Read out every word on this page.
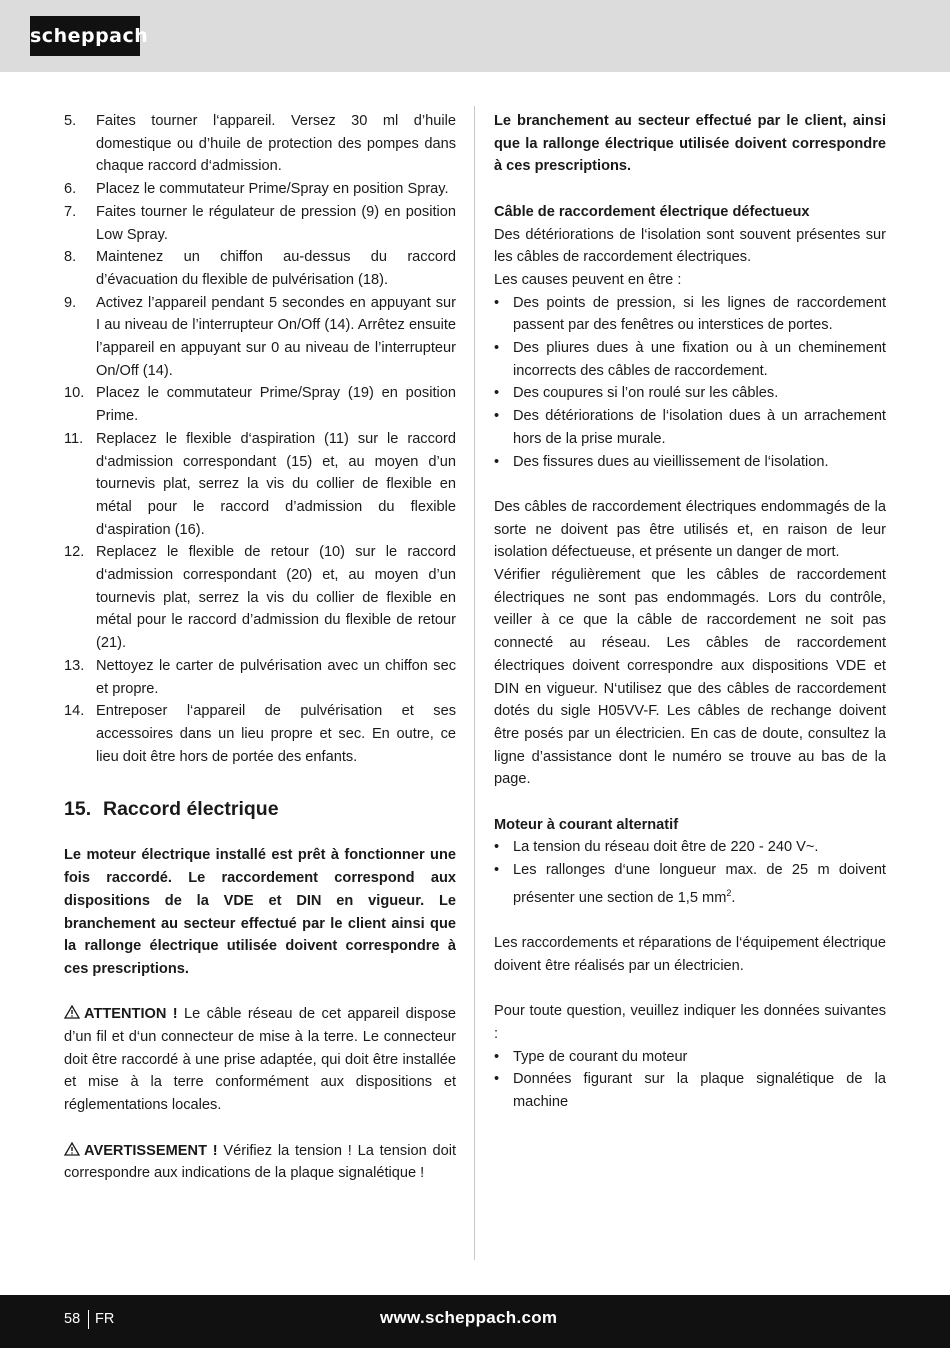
scheppach
5. Faites tourner l‘appareil. Versez 30 ml d’huile domestique ou d’huile de protection des pompes dans chaque raccord d‘admission.
6. Placez le commutateur Prime/Spray en position Spray.
7. Faites tourner le régulateur de pression (9) en position Low Spray.
8. Maintenez un chiffon au-dessus du raccord d’évacuation du flexible de pulvérisation (18).
9. Activez l’appareil pendant 5 secondes en appuyant sur I au niveau de l’interrupteur On/Off (14). Arrêtez ensuite l’appareil en appuyant sur 0 au niveau de l’interrupteur On/Off (14).
10. Placez le commutateur Prime/Spray (19) en position Prime.
11. Replacez le flexible d‘aspiration (11) sur le raccord d‘admission correspondant (15) et, au moyen d’un tournevis plat, serrez la vis du collier de flexible en métal pour le raccord d’admission du flexible d‘aspiration (16).
12. Replacez le flexible de retour (10) sur le raccord d‘admission correspondant (20) et, au moyen d’un tournevis plat, serrez la vis du collier de flexible en métal pour le raccord d’admission du flexible de retour (21).
13. Nettoyez le carter de pulvérisation avec un chiffon sec et propre.
14. Entreposer l‘appareil de pulvérisation et ses accessoires dans un lieu propre et sec. En outre, ce lieu doit être hors de portée des enfants.
15. Raccord électrique

Le moteur électrique installé est prêt à fonctionner une fois raccordé. Le raccordement correspond aux dispositions de la VDE et DIN en vigueur. Le branchement au secteur effectué par le client ainsi que la rallonge électrique utilisée doivent correspondre à ces prescriptions.

ATTENTION ! Le câble réseau de cet appareil dispose d’un fil et d‘un connecteur de mise à la terre. Le connecteur doit être raccordé à une prise adaptée, qui doit être installée et mise à la terre conformément aux dispositions et réglementations locales.

AVERTISSEMENT ! Vérifiez la tension ! La tension doit correspondre aux indications de la plaque signalétique !

Le branchement au secteur effectué par le client, ainsi que la rallonge électrique utilisée doivent correspondre à ces prescriptions.

Câble de raccordement électrique défectueux

Des détériorations de l‘isolation sont souvent présentes sur les câbles de raccordement électriques.

Les causes peuvent en être :

• Des points de pression, si les lignes de raccordement passent par des fenêtres ou interstices de portes.
• Des pliures dues à une fixation ou à un cheminement incorrects des câbles de raccordement.
• Des coupures si l’on roulé sur les câbles.
• Des détériorations de l‘isolation dues à un arrachement hors de la prise murale.
• Des fissures dues au vieillissement de l‘isolation.

Des câbles de raccordement électriques endommagés de la sorte ne doivent pas être utilisés et, en raison de leur isolation défectueuse, et présente un danger de mort.

Vérifier régulièrement que les câbles de raccordement électriques ne sont pas endommagés. Lors du contrôle, veiller à ce que la câble de raccordement ne soit pas connecté au réseau. Les câbles de raccordement électriques doivent correspondre aux dispositions VDE et DIN en vigueur. N‘utilisez que des câbles de raccordement dotés du sigle H05VV-F. Les câbles de rechange doivent être posés par un électricien. En cas de doute, consultez la ligne d’assistance dont le numéro se trouve au bas de la page.

Moteur à courant alternatif

• La tension du réseau doit être de 220 - 240 V~.
• Les rallonges d‘une longueur max. de 25 m doivent présenter une section de 1,5 $mm^2$.

Les raccordements et réparations de l‘équipement électrique doivent être réalisés par un électricien.

Pour toute question, veuillez indiquer les données suivantes :

• Type de courant du moteur
• Données figurant sur la plaque signalétique de la machine
58 FR	www.scheppach.com
